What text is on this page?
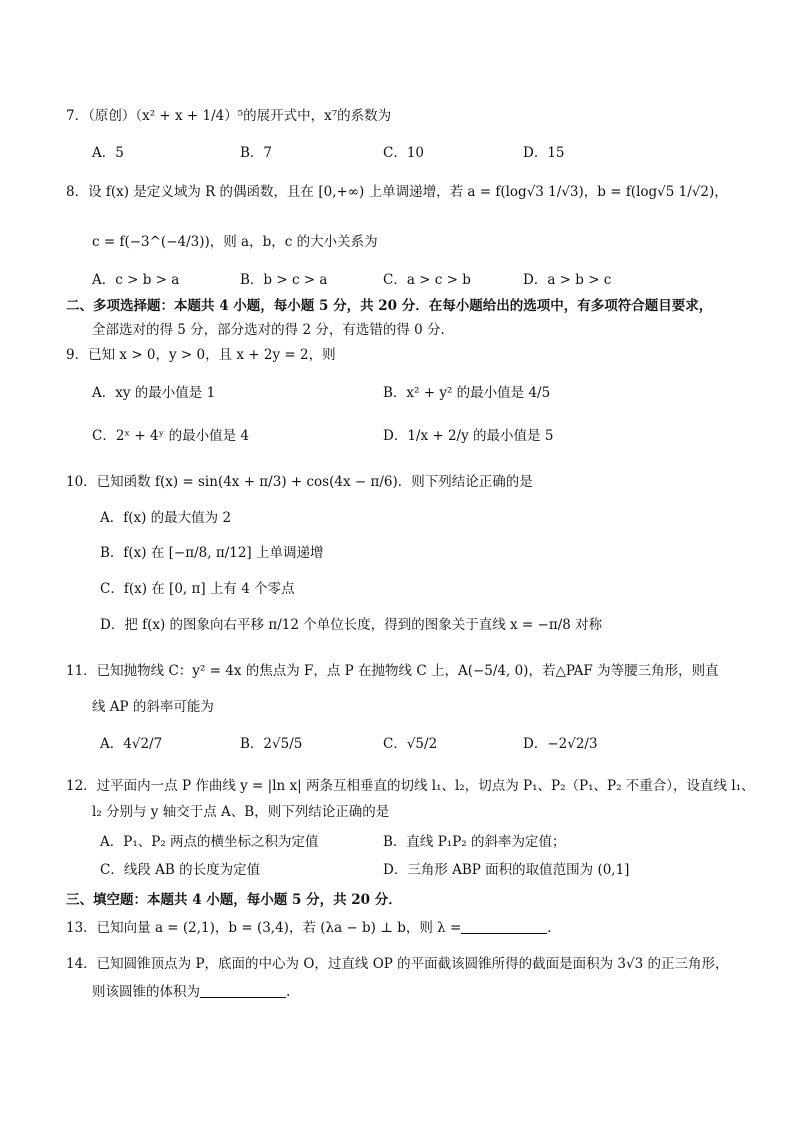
7．（原创）（x² + x + 1/4）⁵的展开式中，x⁷的系数为
A．5	B．7	C．10	D．15
8．设 f(x) 是定义域为 R 的偶函数，且在 [0,+∞) 上单调递增，若 a = f(log√3 1/√3)，b = f(log√5 1/√2)，
c = f(−3^(−4/3))，则 a，b，c 的大小关系为
A．c > b > a	B．b > c > a	C．a > c > b	D．a > b > c
二、多项选择题：本题共 4 小题，每小题 5 分，共 20 分．在每小题给出的选项中，有多项符合题目要求，
全部选对的得 5 分，部分选对的得 2 分，有选错的得 0 分．
9．已知 x > 0，y > 0，且 x + 2y = 2，则
A．xy 的最小值是 1	B．x² + y² 的最小值是 4/5
C．2ˣ + 4ʸ 的最小值是 4	D．1/x + 2/y 的最小值是 5
10．已知函数 f(x) = sin(4x + π/3) + cos(4x − π/6)．则下列结论正确的是
A．f(x) 的最大值为 2
B．f(x) 在 [−π/8, π/12] 上单调递增
C．f(x) 在 [0, π] 上有 4 个零点
D．把 f(x) 的图象向右平移 π/12 个单位长度，得到的图象关于直线 x = −π/8 对称
11．已知抛物线 C：y² = 4x 的焦点为 F，点 P 在抛物线 C 上，A(−5/4, 0)，若△PAF 为等腰三角形，则直
线 AP 的斜率可能为
A．4√2/7	B．2√5/5	C．√5/2	D．−2√2/3
12．过平面内一点 P 作曲线 y = |ln x| 两条互相垂直的切线 l₁、l₂，切点为 P₁、P₂（P₁、P₂ 不重合），设直线 l₁、
l₂ 分别与 y 轴交于点 A、B，则下列结论正确的是
A．P₁、P₂ 两点的横坐标之积为定值	B．直线 P₁P₂ 的斜率为定值；
C．线段 AB 的长度为定值	D．三角形 ABP 面积的取值范围为 (0,1]
三、填空题：本题共 4 小题，每小题 5 分，共 20 分．
13．已知向量 a = (2,1)，b = (3,4)，若 (λa − b) ⊥ b，则 λ =	．
14．已知圆锥顶点为 P，底面的中心为 O，过直线 OP 的平面截该圆锥所得的截面是面积为 3√3 的正三角形，
则该圆锥的体积为	.
